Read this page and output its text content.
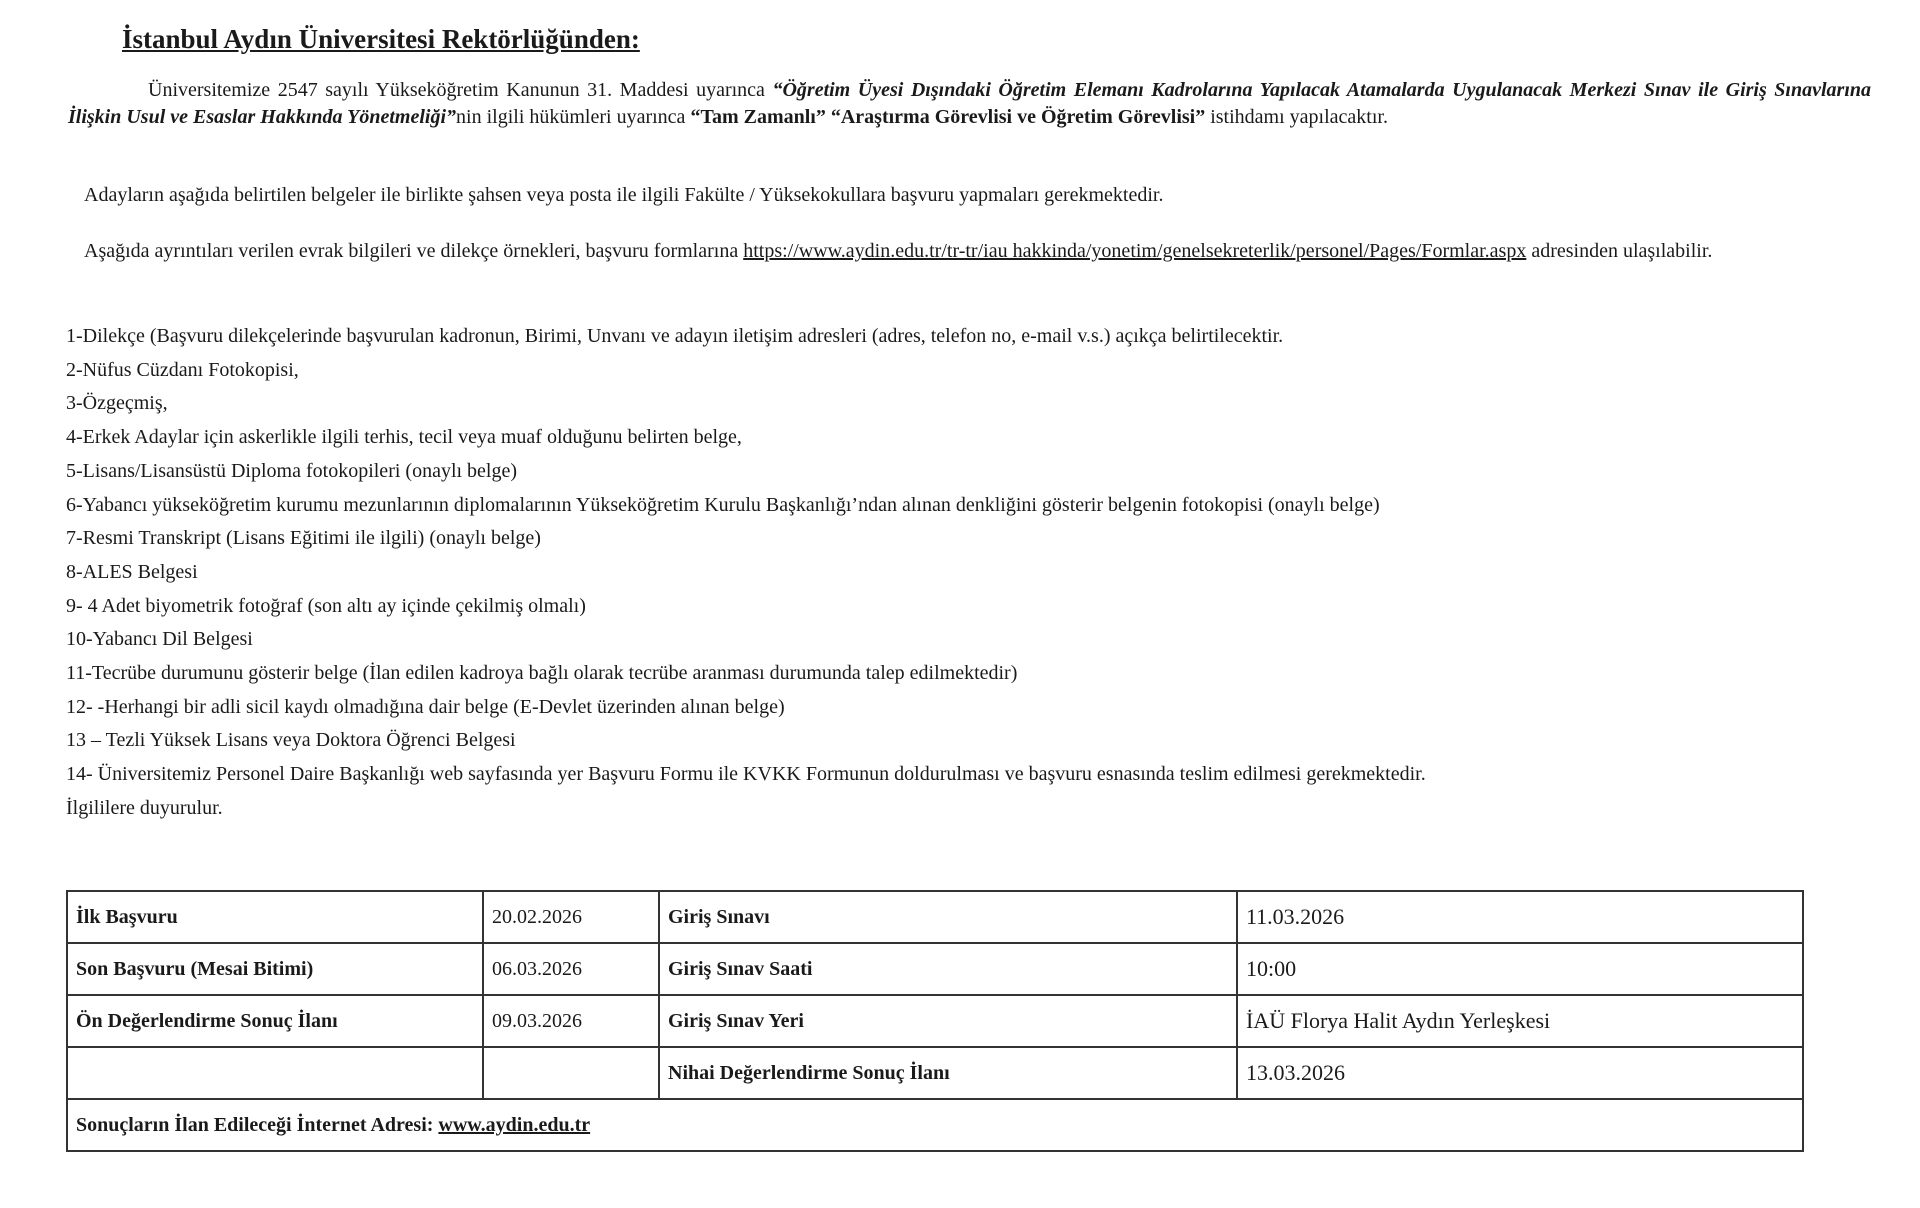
İstanbul Aydın Üniversitesi Rektörlüğünden:
Üniversitemize 2547 sayılı Yükseköğretim Kanunun 31. Maddesi uyarınca “Öğretim Üyesi Dışındaki Öğretim Elemanı Kadrolarına Yapılacak Atamalarda Uygulanacak Merkezi Sınav ile Giriş Sınavlarına İlişkin Usul ve Esaslar Hakkında Yönetmeliği”nin ilgili hükümleri uyarınca “Tam Zamanlı” “Araştırma Görevlisi ve Öğretim Görevlisi” istihdamı yapılacaktır.
Adayların aşağıda belirtilen belgeler ile birlikte şahsen veya posta ile ilgili Fakülte / Yüksekokullara başvuru yapmaları gerekmektedir.
Aşağıda ayrıntıları verilen evrak bilgileri ve dilekçe örnekleri, başvuru formlarına https://www.aydin.edu.tr/tr-tr/iau hakkinda/yonetim/genelsekreterlik/personel/Pages/Formlar.aspx adresinden ulaşılabilir.
1-Dilekçe (Başvuru dilekçelerinde başvurulan kadronun, Birimi, Unvanı ve adayın iletişim adresleri (adres, telefon no, e-mail v.s.) açıkça belirtilecektir.
2-Nüfus Cüzdanı Fotokopisi,
3-Özgeçmiş,
4-Erkek Adaylar için askerlikle ilgili terhis, tecil veya muaf olduğunu belirten belge,
5-Lisans/Lisansüstü Diploma fotokopileri (onaylı belge)
6-Yabancı yükseköğretim kurumu mezunlarının diplomalarının Yükseköğretim Kurulu Başkanlığı’ndan alınan denkliğini gösterir belgenin fotokopisi (onaylı belge)
7-Resmi Transkript (Lisans Eğitimi ile ilgili) (onaylı belge)
8-ALES Belgesi
9- 4 Adet biyometrik fotoğraf (son altı ay içinde çekilmiş olmalı)
10-Yabancı Dil Belgesi
11-Tecrübe durumunu gösterir belge (İlan edilen kadroya bağlı olarak tecrübe aranması durumunda talep edilmektedir)
12- -Herhangi bir adli sicil kaydı olmadığına dair belge (E-Devlet üzerinden alınan belge)
13 – Tezli Yüksek Lisans veya Doktora Öğrenci Belgesi
14- Üniversitemiz Personel Daire Başkanlığı web sayfasında yer Başvuru Formu ile KVKK Formunun doldurulması ve başvuru esnasında teslim edilmesi gerekmektedir.
İlgililere duyurulur.
İlk Başvuru	20.02.2026	Giriş Sınavı	11.03.2026
Son Başvuru (Mesai Bitimi)	06.03.2026	Giriş Sınav Saati	10:00
Ön Değerlendirme Sonuç İlanı	09.03.2026	Giriş Sınav Yeri	İAÜ Florya Halit Aydın Yerleşkesi
		Nihai Değerlendirme Sonuç İlanı	13.03.2026
Sonuçların İlan Edileceği İnternet Adresi: www.aydin.edu.tr			
